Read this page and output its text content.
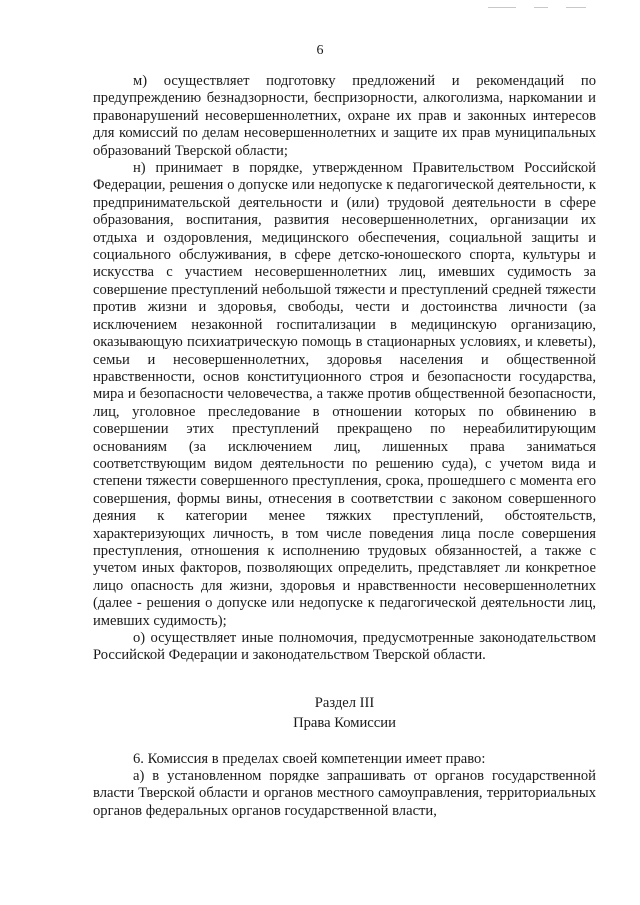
6

м) осуществляет подготовку предложений и рекомендаций по предупреждению безнадзорности, беспризорности, алкоголизма, наркомании и правонарушений несовершеннолетних, охране их прав и законных интересов для комиссий по делам несовершеннолетних и защите их прав муниципальных образований Тверской области;

н) принимает в порядке, утвержденном Правительством Российской Федерации, решения о допуске или недопуске к педагогической деятельности, к предпринимательской деятельности и (или) трудовой деятельности в сфере образования, воспитания, развития несовершеннолетних, организации их отдыха и оздоровления, медицинского обеспечения, социальной защиты и социального обслуживания, в сфере детско-юношеского спорта, культуры и искусства с участием несовершеннолетних лиц, имевших судимость за совершение преступлений небольшой тяжести и преступлений средней тяжести против жизни и здоровья, свободы, чести и достоинства личности (за исключением незаконной госпитализации в медицинскую организацию, оказывающую психиатрическую помощь в стационарных условиях, и клеветы), семьи и несовершеннолетних, здоровья населения и общественной нравственности, основ конституционного строя и безопасности государства, мира и безопасности человечества, а также против общественной безопасности, лиц, уголовное преследование в отношении которых по обвинению в совершении этих преступлений прекращено по нереабилитирующим основаниям (за исключением лиц, лишенных права заниматься соответствующим видом деятельности по решению суда), с учетом вида и степени тяжести совершенного преступления, срока, прошедшего с момента его совершения, формы вины, отнесения в соответствии с законом совершенного деяния к категории менее тяжких преступлений, обстоятельств, характеризующих личность, в том числе поведения лица после совершения преступления, отношения к исполнению трудовых обязанностей, а также с учетом иных факторов, позволяющих определить, представляет ли конкретное лицо опасность для жизни, здоровья и нравственности несовершеннолетних (далее - решения о допуске или недопуске к педагогической деятельности лиц, имевших судимость);

о) осуществляет иные полномочия, предусмотренные законодательством Российской Федерации и законодательством Тверской области.

Раздел III
Права Комиссии

6. Комиссия в пределах своей компетенции имеет право:

а) в установленном порядке запрашивать от органов государственной власти Тверской области и органов местного самоуправления, территориальных органов федеральных органов государственной власти,
